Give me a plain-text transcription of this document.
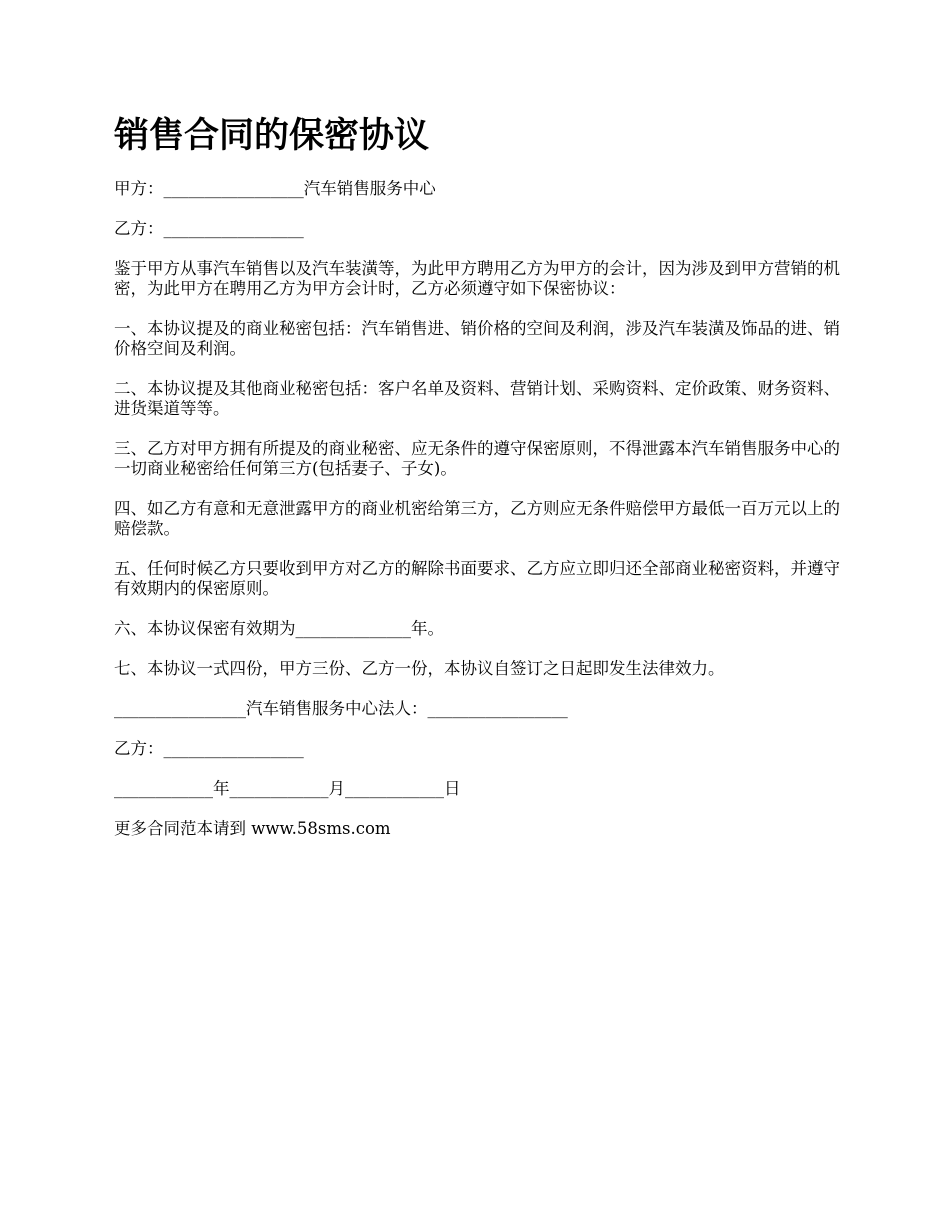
销售合同的保密协议

甲方：_________________汽车销售服务中心

乙方：_________________

鉴于甲方从事汽车销售以及汽车装潢等，为此甲方聘用乙方为甲方的会计，因为涉及到甲方营销的机密，为此甲方在聘用乙方为甲方会计时，乙方必须遵守如下保密协议：

一、本协议提及的商业秘密包括：汽车销售进、销价格的空间及利润，涉及汽车装潢及饰品的进、销价格空间及利润。

二、本协议提及其他商业秘密包括：客户名单及资料、营销计划、采购资料、定价政策、财务资料、进货渠道等等。

三、乙方对甲方拥有所提及的商业秘密、应无条件的遵守保密原则，不得泄露本汽车销售服务中心的一切商业秘密给任何第三方(包括妻子、子女)。

四、如乙方有意和无意泄露甲方的商业机密给第三方，乙方则应无条件赔偿甲方最低一百万元以上的赔偿款。

五、任何时候乙方只要收到甲方对乙方的解除书面要求、乙方应立即归还全部商业秘密资料，并遵守有效期内的保密原则。

六、本协议保密有效期为______________年。

七、本协议一式四份，甲方三份、乙方一份，本协议自签订之日起即发生法律效力。

________________汽车销售服务中心法人：_________________

乙方：_________________

____________年____________月____________日

更多合同范本请到 www.58sms.com
